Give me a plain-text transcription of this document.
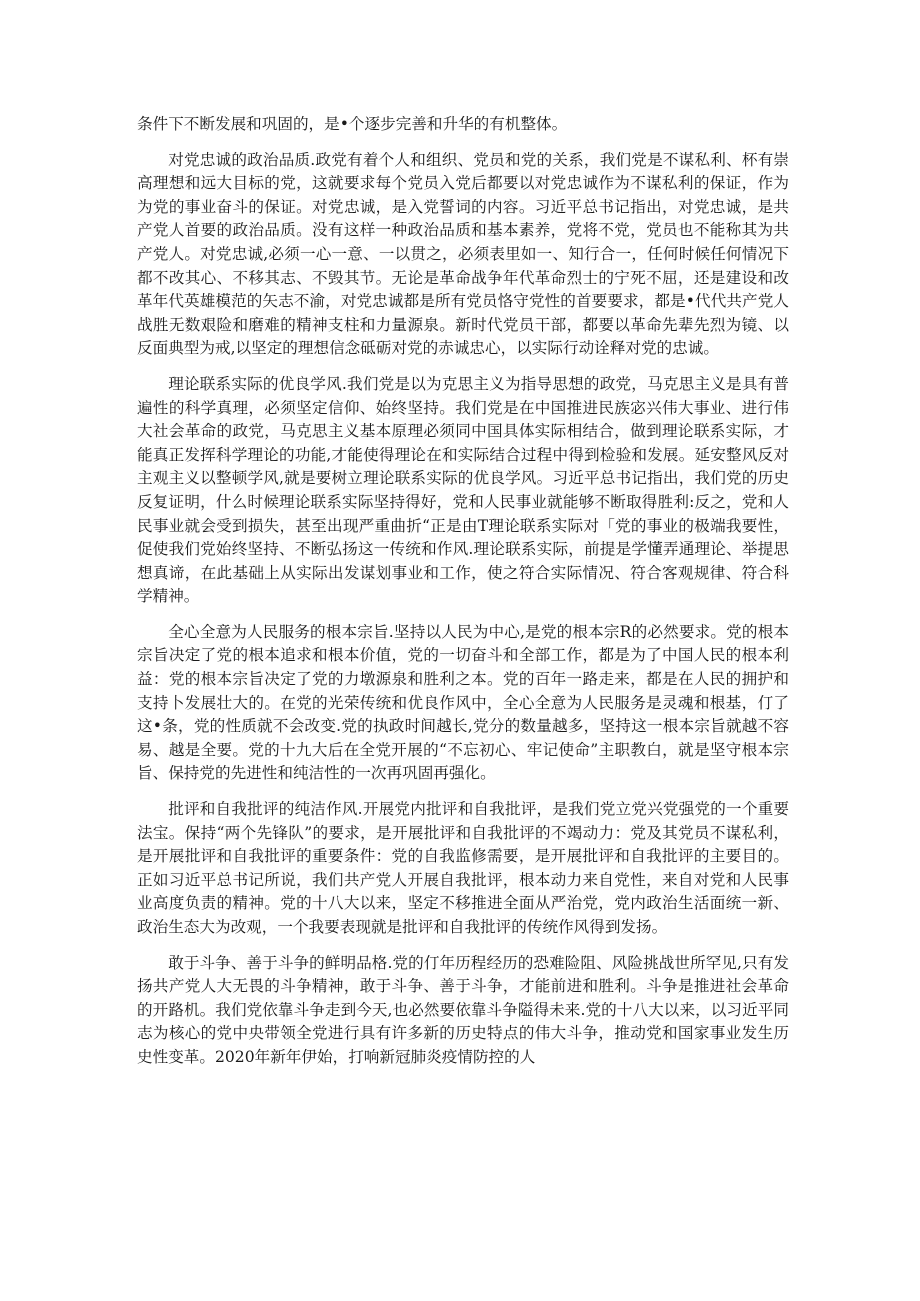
条件下不断发展和巩固的，是•个逐步完善和升华的有机整体。

对党忠诚的政治品质.政党有着个人和组织、党员和党的关系，我们党是不谋私利、杯有崇高理想和远大目标的党，这就要求每个党员入党后都要以对党忠诚作为不谋私利的保证，作为为党的事业奋斗的保证。对党忠诚，是入党誓词的内容。习近平总书记指出，对党忠诚，是共产党人首要的政治品质。没有这样一种政治品质和基本素养，党将不党，党员也不能称其为共产党人。对党忠诚,必须一心一意、一以贯之，必须表里如一、知行合一，任何时候任何情况下都不改其心、不移其志、不毁其节。无论是革命战争年代革命烈士的宁死不屈，还是建设和改革年代英雄模范的矢志不渝，对党忠诚都是所有党员恪守党性的首要要求，都是•代代共产党人战胜无数艰险和磨难的精神支柱和力量源泉。新时代党员干部，都要以革命先辈先烈为镜、以反面典型为戒,以坚定的理想信念砥砺对党的赤诚忠心，以实际行动诠释对党的忠诚。

理论联系实际的优良学风.我们党是以为克思主义为指导思想的政党，马克思主义是具有普遍性的科学真理，必须坚定信仰、始终坚持。我们党是在中国推进民族宓兴伟大事业、进行伟大社会革命的政党，马克思主义基本原理必须同中国具体实际相结合，做到理论联系实际，才能真正发挥科学理论的功能,才能使得理论在和实际结合过程中得到检验和发展。延安整风反对主观主义以整顿学风,就是要树立理论联系实际的优良学风。习近平总书记指出，我们党的历史反复证明，什么时候理论联系实际坚持得好，党和人民事业就能够不断取得胜利:反之，党和人民事业就会受到损失，甚至出现严重曲折“正是由T理论联系实际对「党的事业的极端我要性，促使我们党始终坚持、不断弘扬这一传统和作风.理论联系实际，前提是学懂弄通理论、举提思想真谛，在此基础上从实际出发谋划事业和工作，使之符合实际情况、符合客观规律、符合科学精神。

全心全意为人民服务的根本宗旨.坚持以人民为中心,是党的根本宗R的必然要求。党的根本宗旨决定了党的根本追求和根本价值，党的一切奋斗和全部工作，都是为了中国人民的根本利益：党的根本宗旨决定了党的力墩源泉和胜利之本。党的百年一路走来，都是在人民的拥护和支持卜发展壮大的。在党的光荣传统和优良作风中，全心全意为人民服务是灵魂和根基，仃了这•条，党的性质就不会改变.党的执政时间越长,党分的数量越多，坚持这一根本宗旨就越不容易、越是全要。党的十九大后在全党开展的“不忘初心、牢记使命”主职教白，就是坚守根本宗旨、保持党的先进性和纯洁性的一次再巩固再强化。

批评和自我批评的纯洁作风.开展党内批评和自我批评，是我们党立党兴党强党的一个重要法宝。保持“两个先锋队”的要求，是开展批评和自我批评的不竭动力：党及其党员不谋私利，是开展批评和自我批评的重要条件：党的自我监修需要，是开展批评和自我批评的主要目的。正如习近平总书记所说，我们共产党人开展自我批评，根本动力来自党性，来自对党和人民事业高度负责的精神。党的十八大以来，坚定不移推进全面从严治党，党内政治生活面统一新、政治生态大为改观，一个我要表现就是批评和自我批评的传统作风得到发扬。

敢于斗争、善于斗争的鲜明品格.党的仃年历程经历的恐难险阻、风险挑战世所罕见,只有发扬共产党人大无畏的斗争精神，敢于斗争、善于斗争，才能前进和胜利。斗争是推进社会革命的开路机。我们党依靠斗争走到今天,也必然要依靠斗争隘得未来.党的十八大以来，以习近平同志为核心的党中央带领全党进行具有许多新的历史特点的伟大斗争，推动党和国家事业发生历史性变革。2020年新年伊始，打响新冠肺炎疫情防控的人
